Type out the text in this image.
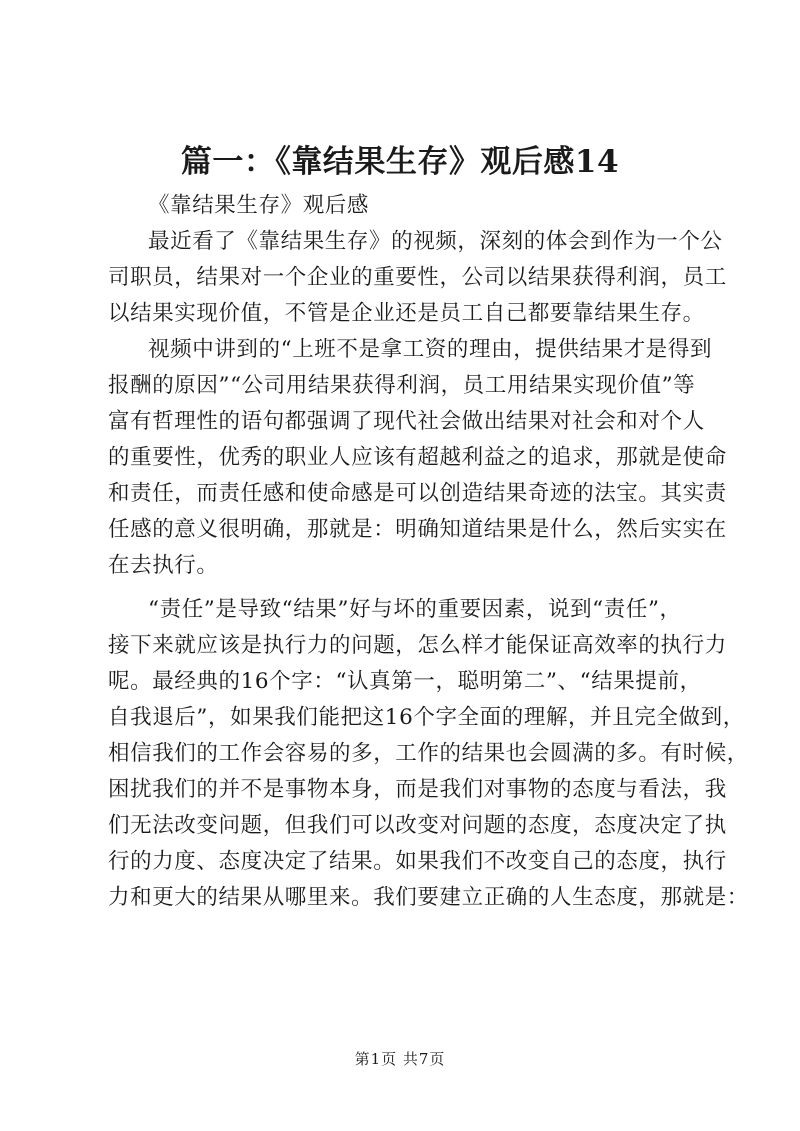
篇一：《靠结果生存》观后感14
《靠结果生存》观后感
最近看了《靠结果生存》的视频，深刻的体会到作为一个公
司职员，结果对一个企业的重要性，公司以结果获得利润，员工
以结果实现价值，不管是企业还是员工自己都要靠结果生存。
视频中讲到的“上班不是拿工资的理由，提供结果才是得到
报酬的原因”“公司用结果获得利润，员工用结果实现价值”等
富有哲理性的语句都强调了现代社会做出结果对社会和对个人
的重要性，优秀的职业人应该有超越利益之的追求，那就是使命
和责任，而责任感和使命感是可以创造结果奇迹的法宝。其实责
任感的意义很明确，那就是：明确知道结果是什么，然后实实在
在去执行。
“责任”是导致“结果”好与坏的重要因素，说到“责任”，
接下来就应该是执行力的问题，怎么样才能保证高效率的执行力
呢。最经典的16个字：“认真第一，聪明第二”、“结果提前，
自我退后”，如果我们能把这16个字全面的理解，并且完全做到，
相信我们的工作会容易的多，工作的结果也会圆满的多。有时候，
困扰我们的并不是事物本身，而是我们对事物的态度与看法，我
们无法改变问题，但我们可以改变对问题的态度，态度决定了执
行的力度、态度决定了结果。如果我们不改变自己的态度，执行
力和更大的结果从哪里来。我们要建立正确的人生态度，那就是：
第1页 共7页
